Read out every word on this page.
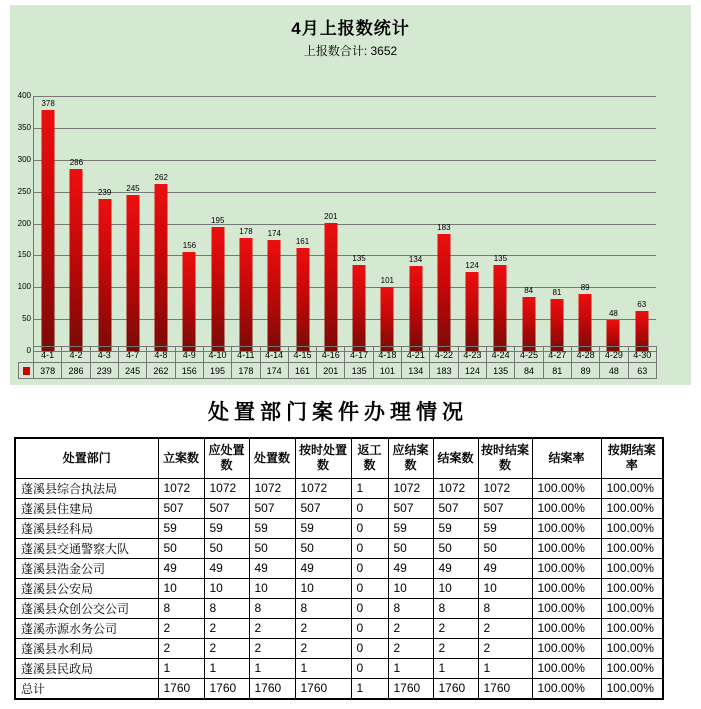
4月上报数统计
上报数合计: 3652
400
350
300
250
200
150
100
50
0
378
286
239 245
262
156
195
178 174
161
201
135
101
134
183
124
135
84 81
89
48
63
4-1	4-2	4-3	4-7	4-8	4-9	4-10	4-11	4-14	4-15	4-16	4-17	4-18	4-21	4-22	4-23	4-24	4-25	4-27	4-28	4-29	4-30
378	286	239	245	262	156	195	178	174	161	201	135	101	134	183	124	135	84	81	89	48	63
处置部门案件办理情况
处置部门	立案数	应处置数	处置数	按时处置数	返工数	应结案数	结案数	按时结案数	结案率	按期结案率
蓬溪县综合执法局	1072	1072	1072	1072	1	1072	1072	1072	100.00%	100.00%
蓬溪县住建局	507	507	507	507	0	507	507	507	100.00%	100.00%
蓬溪县经科局	59	59	59	59	0	59	59	59	100.00%	100.00%
蓬溪县交通警察大队	50	50	50	50	0	50	50	50	100.00%	100.00%
蓬溪县浩金公司	49	49	49	49	0	49	49	49	100.00%	100.00%
蓬溪县公安局	10	10	10	10	0	10	10	10	100.00%	100.00%
蓬溪县众创公交公司	8	8	8	8	0	8	8	8	100.00%	100.00%
蓬溪赤源水务公司	2	2	2	2	0	2	2	2	100.00%	100.00%
蓬溪县水利局	2	2	2	2	0	2	2	2	100.00%	100.00%
蓬溪县民政局	1	1	1	1	0	1	1	1	100.00%	100.00%
总计	1760	1760	1760	1760	1	1760	1760	1760	100.00%	100.00%
